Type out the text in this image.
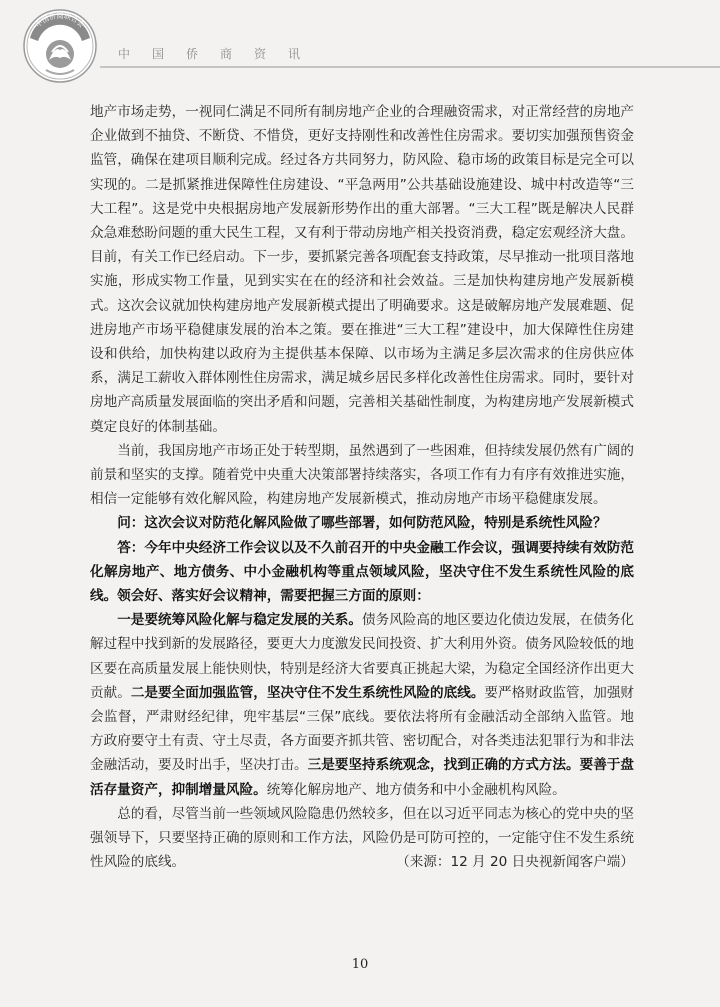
中国侨商联合会
中国侨商资讯

地产市场走势，一视同仁满足不同所有制房地产企业的合理融资需求，对正常经营的房地产企业做到不抽贷、不断贷、不惜贷，更好支持刚性和改善性住房需求。要切实加强预售资金监管，确保在建项目顺利完成。经过各方共同努力，防风险、稳市场的政策目标是完全可以实现的。二是抓紧推进保障性住房建设、“平急两用”公共基础设施建设、城中村改造等“三大工程”。这是党中央根据房地产发展新形势作出的重大部署。“三大工程”既是解决人民群众急难愁盼问题的重大民生工程，又有利于带动房地产相关投资消费，稳定宏观经济大盘。目前，有关工作已经启动。下一步，要抓紧完善各项配套支持政策，尽早推动一批项目落地实施，形成实物工作量，见到实实在在的经济和社会效益。三是加快构建房地产发展新模式。这次会议就加快构建房地产发展新模式提出了明确要求。这是破解房地产发展难题、促进房地产市场平稳健康发展的治本之策。要在推进“三大工程”建设中，加大保障性住房建设和供给，加快构建以政府为主提供基本保障、以市场为主满足多层次需求的住房供应体系，满足工薪收入群体刚性住房需求，满足城乡居民多样化改善性住房需求。同时，要针对房地产高质量发展面临的突出矛盾和问题，完善相关基础性制度，为构建房地产发展新模式奠定良好的体制基础。

当前，我国房地产市场正处于转型期，虽然遇到了一些困难，但持续发展仍然有广阔的前景和坚实的支撑。随着党中央重大决策部署持续落实，各项工作有力有序有效推进实施，相信一定能够有效化解风险，构建房地产发展新模式，推动房地产市场平稳健康发展。

问：这次会议对防范化解风险做了哪些部署，如何防范风险，特别是系统性风险？

答：今年中央经济工作会议以及不久前召开的中央金融工作会议，强调要持续有效防范化解房地产、地方债务、中小金融机构等重点领域风险，坚决守住不发生系统性风险的底线。领会好、落实好会议精神，需要把握三方面的原则：

一是要统筹风险化解与稳定发展的关系。债务风险高的地区要边化债边发展，在债务化解过程中找到新的发展路径，要更大力度激发民间投资、扩大利用外资。债务风险较低的地区要在高质量发展上能快则快，特别是经济大省要真正挑起大梁，为稳定全国经济作出更大贡献。二是要全面加强监管，坚决守住不发生系统性风险的底线。要严格财政监管，加强财会监督，严肃财经纪律，兜牢基层“三保”底线。要依法将所有金融活动全部纳入监管。地方政府要守土有责、守土尽责，各方面要齐抓共管、密切配合，对各类违法犯罪行为和非法金融活动，要及时出手，坚决打击。三是要坚持系统观念，找到正确的方式方法。要善于盘活存量资产，抑制增量风险。统筹化解房地产、地方债务和中小金融机构风险。

总的看，尽管当前一些领域风险隐患仍然较多，但在以习近平同志为核心的党中央的坚强领导下，只要坚持正确的原则和工作方法，风险仍是可防可控的，一定能守住不发生系统性风险的底线。	（来源：12 月 20 日央视新闻客户端）

10
